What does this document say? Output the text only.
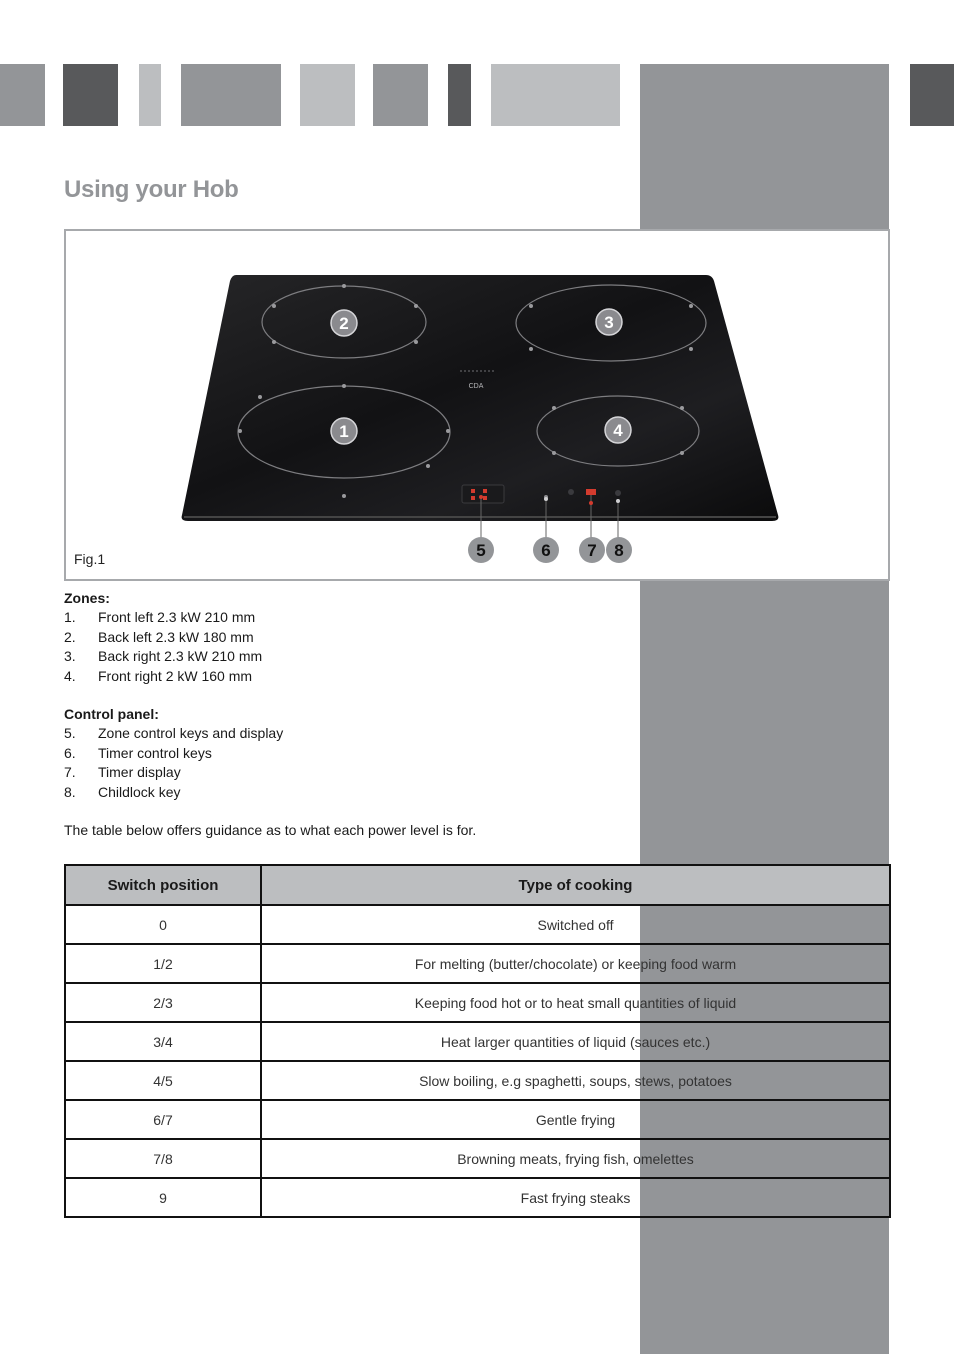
Using your Hob
CDA
2	3
1	4
5	6 7 8
Fig.1
Zones:
1.	Front left 2.3 kW 210 mm
2.	Back left 2.3 kW 180 mm
3.	Back right 2.3 kW 210 mm
4.	Front right 2 kW 160 mm
Control panel:
5.	Zone control keys and display
6.	Timer control keys
7.	Timer display
8.	Childlock key
The table below offers guidance as to what each power level is for.
Switch position	Type of cooking
0	Switched off
1/2	For melting (butter/chocolate) or keeping food warm
2/3	Keeping food hot or to heat small quantities of liquid
3/4	Heat larger quantities of liquid (sauces etc.)
4/5	Slow boiling, e.g spaghetti, soups, stews, potatoes
6/7	Gentle frying
7/8	Browning meats, frying fish, omelettes
9	Fast frying steaks
